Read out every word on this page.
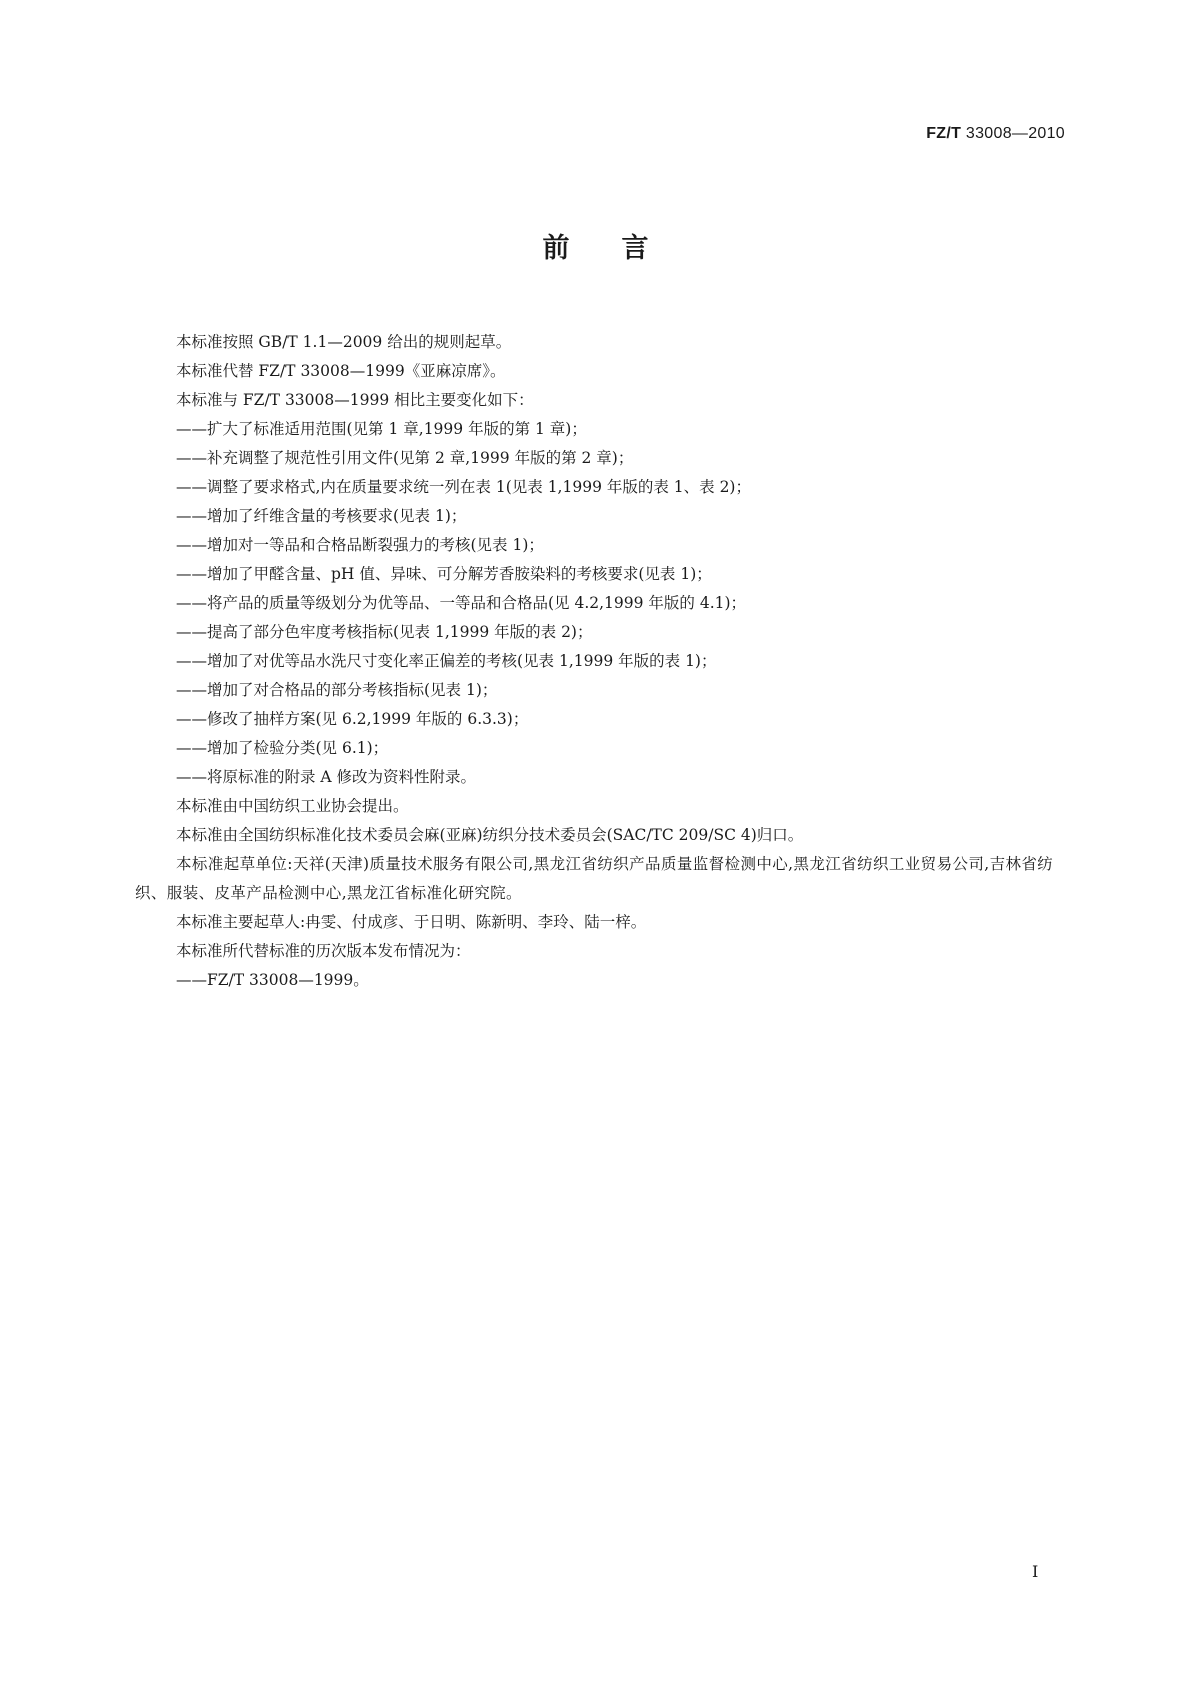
FZ/T 33008—2010
前言

本标准按照 GB/T 1.1—2009 给出的规则起草。

本标准代替 FZ/T 33008—1999《亚麻凉席》。

本标准与 FZ/T 33008—1999 相比主要变化如下：

——扩大了标准适用范围(见第 1 章,1999 年版的第 1 章)；

——补充调整了规范性引用文件(见第 2 章,1999 年版的第 2 章)；

——调整了要求格式,内在质量要求统一列在表 1(见表 1,1999 年版的表 1、表 2)；

——增加了纤维含量的考核要求(见表 1)；

——增加对一等品和合格品断裂强力的考核(见表 1)；

——增加了甲醛含量、pH 值、异味、可分解芳香胺染料的考核要求(见表 1)；

——将产品的质量等级划分为优等品、一等品和合格品(见 4.2,1999 年版的 4.1)；

——提高了部分色牢度考核指标(见表 1,1999 年版的表 2)；

——增加了对优等品水洗尺寸变化率正偏差的考核(见表 1,1999 年版的表 1)；

——增加了对合格品的部分考核指标(见表 1)；

——修改了抽样方案(见 6.2,1999 年版的 6.3.3)；

——增加了检验分类(见 6.1)；

——将原标准的附录 A 修改为资料性附录。

本标准由中国纺织工业协会提出。

本标准由全国纺织标准化技术委员会麻(亚麻)纺织分技术委员会(SAC/TC 209/SC 4)归口。

本标准起草单位:天祥(天津)质量技术服务有限公司,黑龙江省纺织产品质量监督检测中心,黑龙江省纺织工业贸易公司,吉林省纺织、服装、皮革产品检测中心,黑龙江省标准化研究院。

本标准主要起草人:冉雯、付成彦、于日明、陈新明、李玲、陆一梓。

本标准所代替标准的历次版本发布情况为：

——FZ/T 33008—1999。

I
